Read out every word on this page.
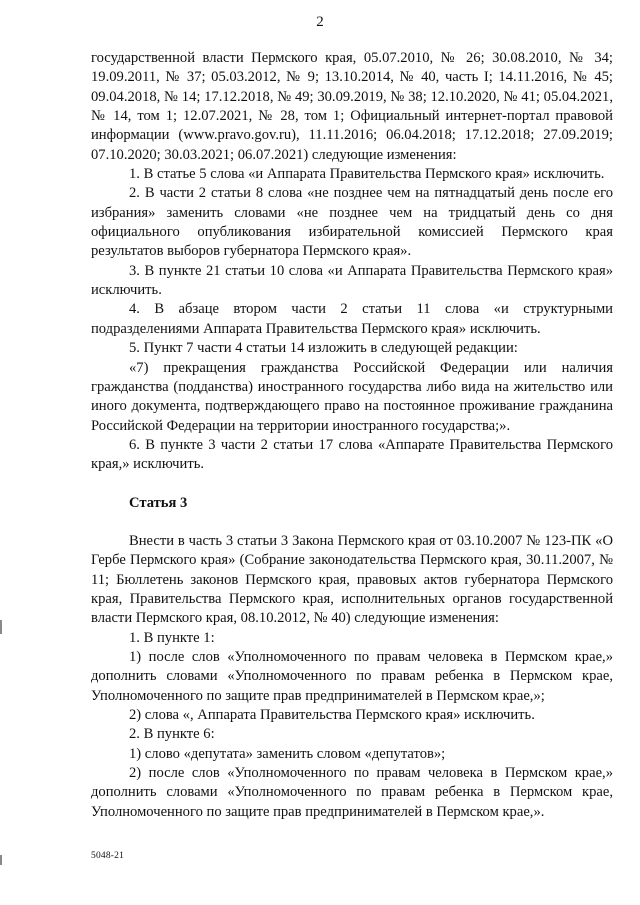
2

государственной власти Пермского края, 05.07.2010, № 26; 30.08.2010, № 34; 19.09.2011, № 37; 05.03.2012, № 9; 13.10.2014, № 40, часть I; 14.11.2016, № 45; 09.04.2018, № 14; 17.12.2018, № 49; 30.09.2019, № 38; 12.10.2020, № 41; 05.04.2021, № 14, том 1; 12.07.2021, № 28, том 1; Официальный интернет-портал правовой информации (www.pravo.gov.ru), 11.11.2016; 06.04.2018; 17.12.2018; 27.09.2019; 07.10.2020; 30.03.2021; 06.07.2021) следующие изменения:

1. В статье 5 слова «и Аппарата Правительства Пермского края» исключить.

2. В части 2 статьи 8 слова «не позднее чем на пятнадцатый день после его избрания» заменить словами «не позднее чем на тридцатый день со дня официального опубликования избирательной комиссией Пермского края результатов выборов губернатора Пермского края».

3. В пункте 21 статьи 10 слова «и Аппарата Правительства Пермского края» исключить.

4. В абзаце втором части 2 статьи 11 слова «и структурными подразделениями Аппарата Правительства Пермского края» исключить.

5. Пункт 7 части 4 статьи 14 изложить в следующей редакции:

«7) прекращения гражданства Российской Федерации или наличия гражданства (подданства) иностранного государства либо вида на жительство или иного документа, подтверждающего право на постоянное проживание гражданина Российской Федерации на территории иностранного государства;».

6. В пункте 3 части 2 статьи 17 слова «Аппарате Правительства Пермского края,» исключить.

Статья 3

Внести в часть 3 статьи 3 Закона Пермского края от 03.10.2007 № 123-ПК «О Гербе Пермского края» (Собрание законодательства Пермского края, 30.11.2007, № 11; Бюллетень законов Пермского края, правовых актов губернатора Пермского края, Правительства Пермского края, исполнительных органов государственной власти Пермского края, 08.10.2012, № 40) следующие изменения:

1. В пункте 1:

1) после слов «Уполномоченного по правам человека в Пермском крае,» дополнить словами «Уполномоченного по правам ребенка в Пермском крае, Уполномоченного по защите прав предпринимателей в Пермском крае,»;

2) слова «, Аппарата Правительства Пермского края» исключить.

2. В пункте 6:

1) слово «депутата» заменить словом «депутатов»;

2) после слов «Уполномоченного по правам человека в Пермском крае,» дополнить словами «Уполномоченного по правам ребенка в Пермском крае, Уполномоченного по защите прав предпринимателей в Пермском крае,».

5048-21
